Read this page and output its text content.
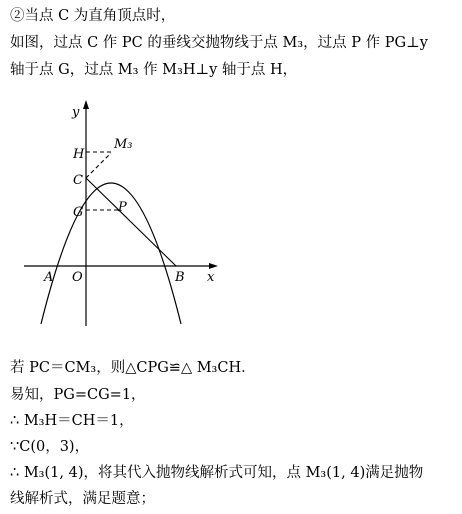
②当点 C 为直角顶点时，
如图，过点 C 作 PC 的垂线交抛物线于点 M₃，过点 P 作 PG⊥y
轴于点 G，过点 M₃ 作 M₃H⊥y 轴于点 H，
y
x
H
M₃
C
G	P
A O	B
若 PC＝CM₃，则△CPG≌△ M₃CH．
易知，PG=CG=1，
∴ M₃H＝CH＝1，
∵C(0，3)，
∴ M₃(1, 4)，将其代入抛物线解析式可知，点 M₃(1, 4)满足抛物
线解析式，满足题意；
